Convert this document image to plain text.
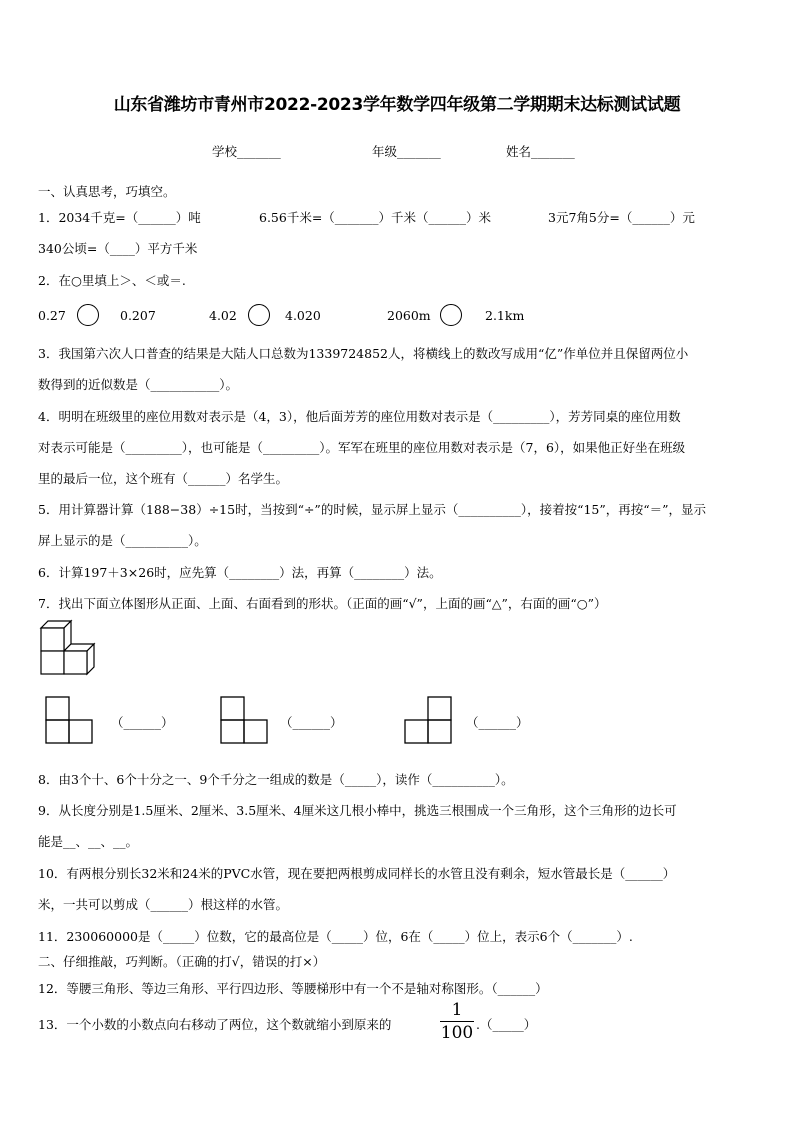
山东省潍坊市青州市2022-2023学年数学四年级第二学期期末达标测试试题
学校_______	年级_______	姓名_______
一、认真思考，巧填空。
1．2034千克=（______）吨	6.56千米=（_______）千米（______）米	3元7角5分=（______）元
340公顷=（____）平方千米
2．在○里填上＞、＜或＝.
0.27	0.207	4.02	4.020	2060m	2.1km
3．我国第六次人口普查的结果是大陆人口总数为1339724852人，将横线上的数改写成用“亿”作单位并且保留两位小
数得到的近似数是（___________）。
4．明明在班级里的座位用数对表示是（4，3），他后面芳芳的座位用数对表示是（_________），芳芳同桌的座位用数
对表示可能是（_________），也可能是（_________）。军军在班里的座位用数对表示是（7，6），如果他正好坐在班级
里的最后一位，这个班有（______）名学生。
5．用计算器计算（188−38）÷15时，当按到“÷”的时候，显示屏上显示（__________），接着按“15”，再按“＝”，显示
屏上显示的是（__________）。
6．计算197＋3×26时，应先算（________）法，再算（________）法。
7．找出下面立体图形从正面、上面、右面看到的形状。（正面的画“√”，上面的画“△”，右面的画“○”）
（______）	（______）	（______）
8．由3个十、6个十分之一、9个千分之一组成的数是（_____），读作（__________）。
9．从长度分别是1.5厘米、2厘米、3.5厘米、4厘米这几根小棒中，挑选三根围成一个三角形，这个三角形的边长可
能是__、__、__。
10．有两根分别长32米和24米的PVC水管，现在要把两根剪成同样长的水管且没有剩余，短水管最长是（______）
米，一共可以剪成（______）根这样的水管。
11．230060000是（_____）位数，它的最高位是（_____）位，6在（_____）位上，表示6个（_______）.
二、仔细推敲，巧判断。（正确的打√，错误的打×）
12．等腰三角形、等边三角形、平行四边形、等腰梯形中有一个不是轴对称图形。（______）
13．一个小数的小数点向右移动了两位，这个数就缩小到原来的
1
100 .（_____）
